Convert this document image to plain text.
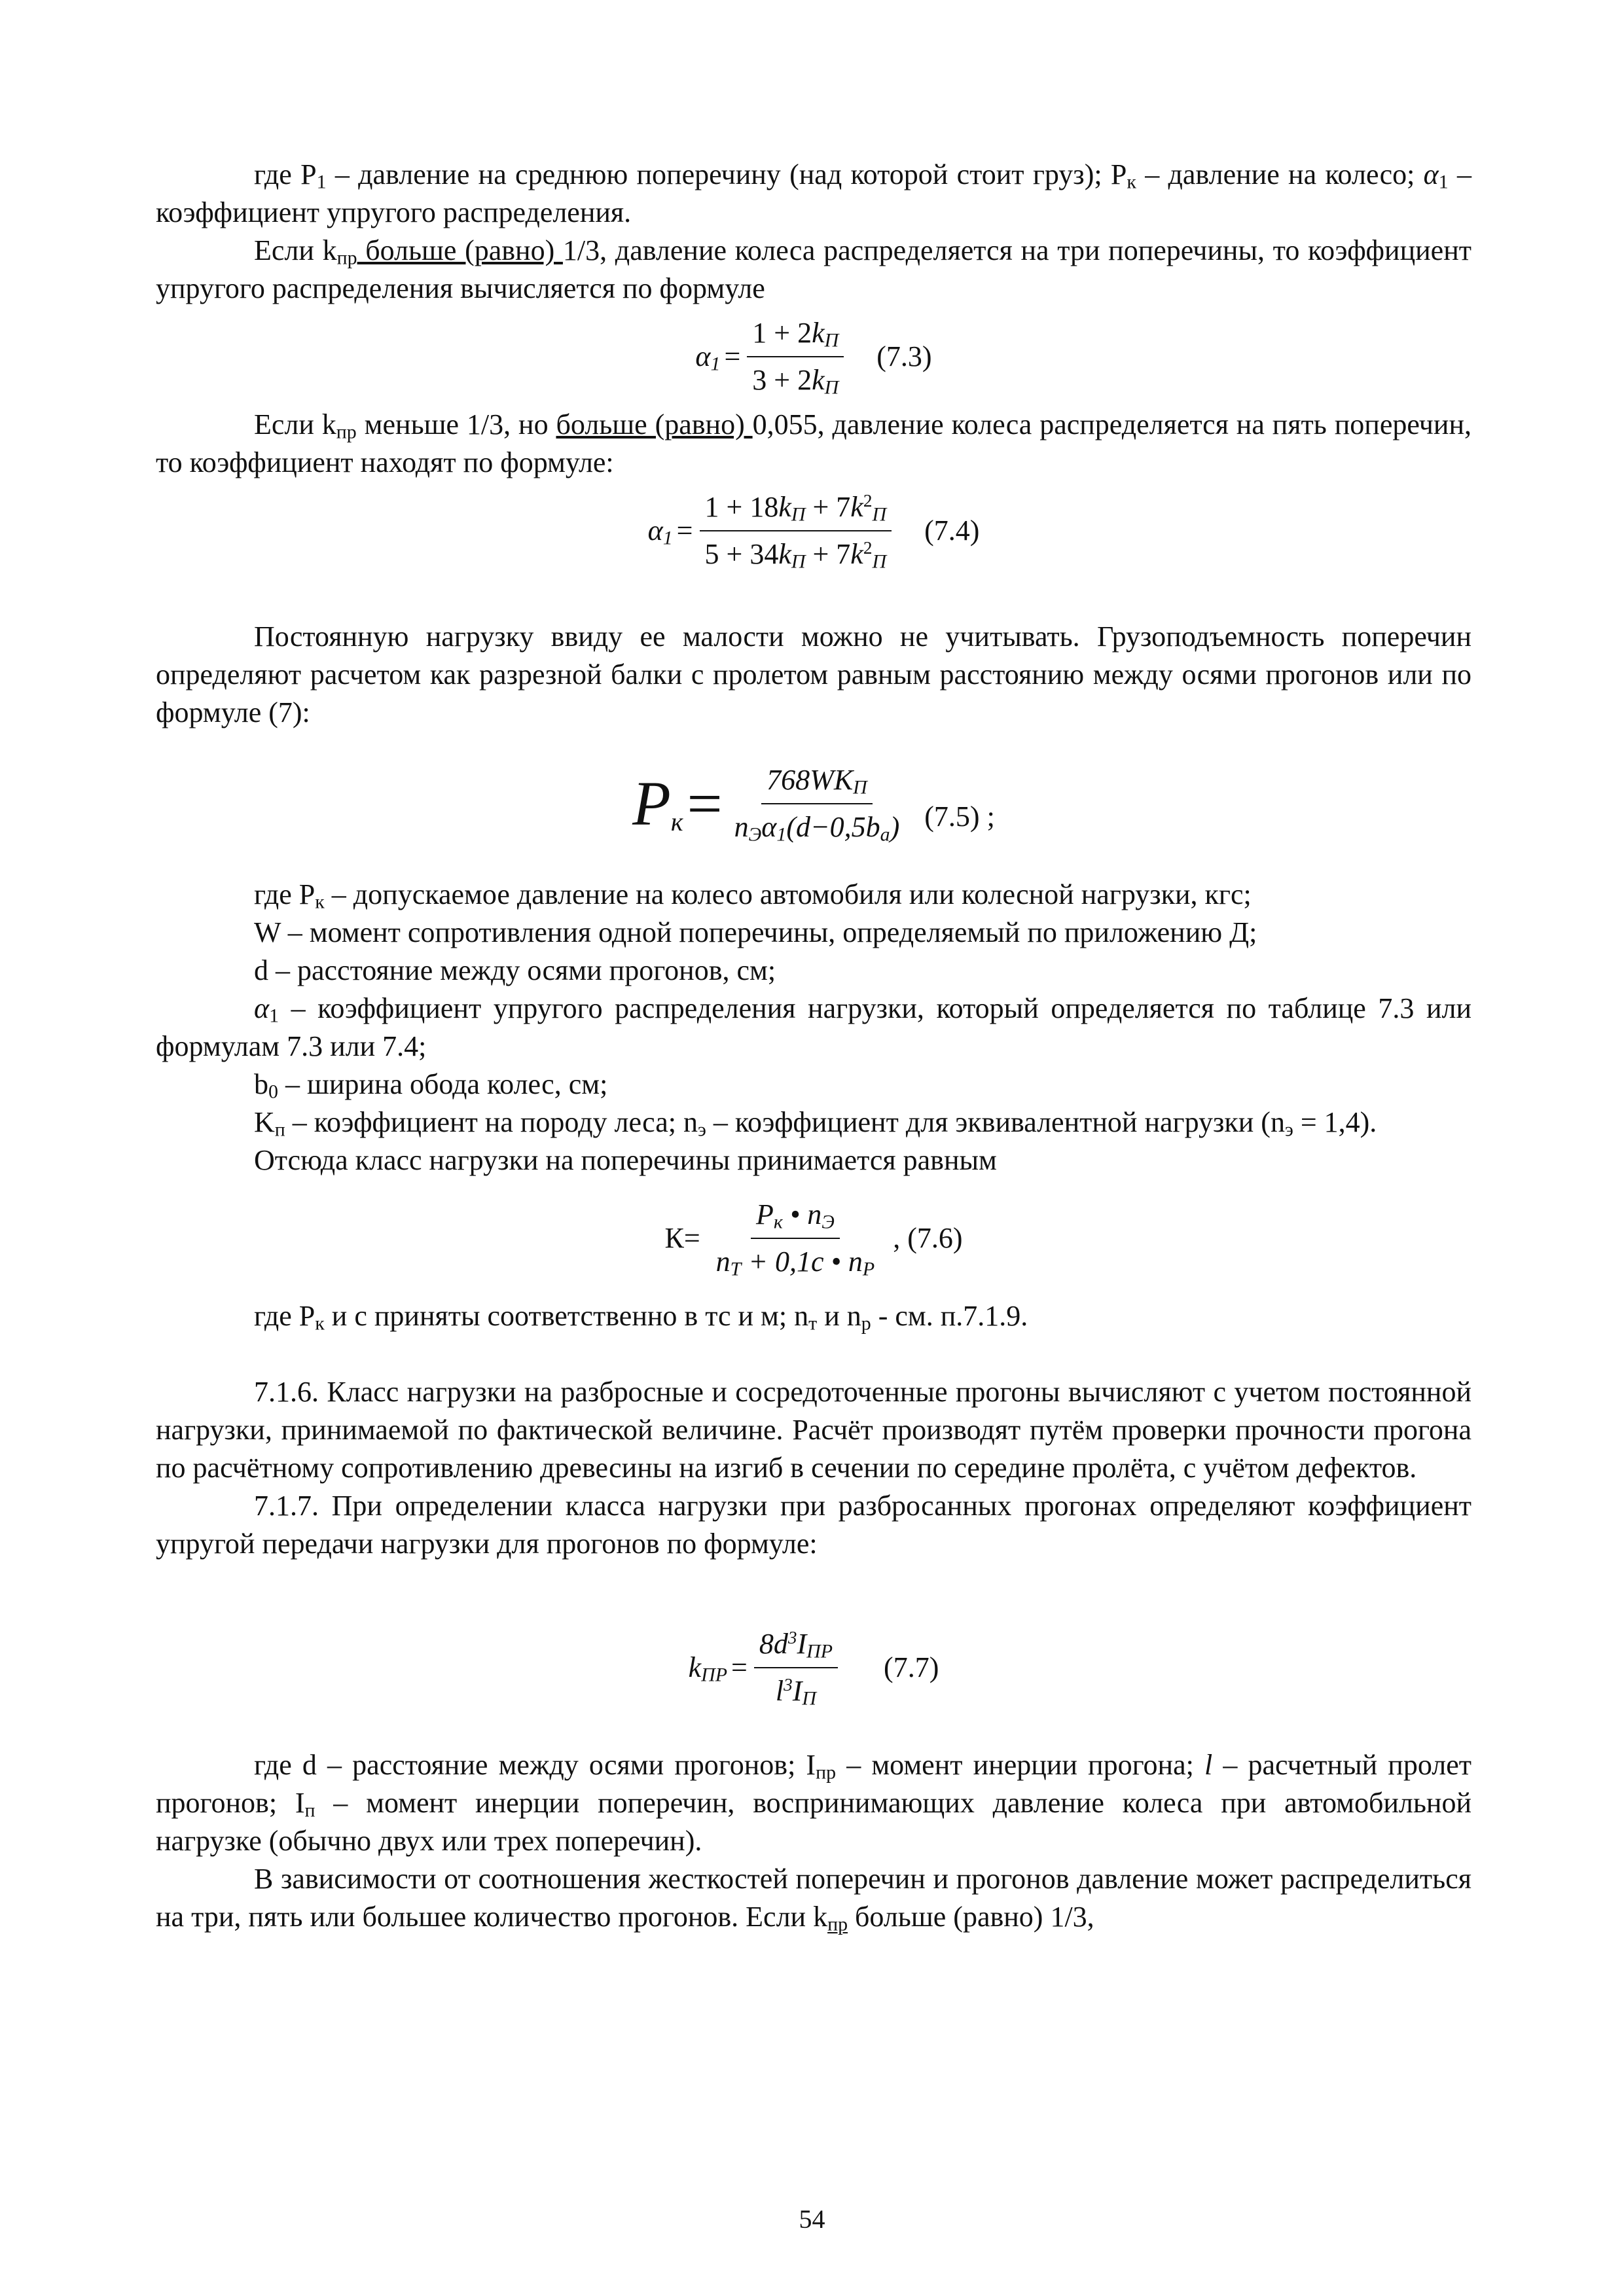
где $P_1$ – давление на среднюю поперечину (над которой стоит груз); $P_к$ – давление на колесо; $\alpha_1$ – коэффициент упругого распределения.

Если $k_{пр}$ больше (равно) 1/3, давление колеса распределяется на три поперечины, то коэффициент упругого распределения вычисляется по формуле

$\alpha_1 = \frac{1 + 2k_П}{3 + 2k_П} (7.3)$

Если $k_{пр}$ меньше 1/3, но больше (равно) 0,055, давление колеса распределяется на пять поперечин, то коэффициент находят по формуле:

$\alpha_1 = \frac{1 + 18k_П + 7k^2_П}{5 + 34k_П + 7k^2_П} (7.4)$

Постоянную нагрузку ввиду ее малости можно не учитывать. Грузоподъемность поперечин определяют расчетом как разрезной балки с пролетом равным расстоянию между осями прогонов или по формуле (7):

$P_к = \frac{768WK_П}{n_Э\alpha_1(d-0,5b_a)} (7.5)$ ;

где $P_к$ – допускаемое давление на колесо автомобиля или колесной нагрузки, кгс;

W – момент сопротивления одной поперечины, определяемый по приложению Д;

d – расстояние между осями прогонов, см;

$\alpha_1$ – коэффициент упругого распределения нагрузки, который определяется по таблице 7.3 или формулам 7.3 или 7.4;

$b_0$ – ширина обода колес, см;

$K_п$ – коэффициент на породу леса; $n_э$ – коэффициент для эквивалентной нагрузки $(n_э = 1,4)$.

Отсюда класс нагрузки на поперечины принимается равным

$К= \frac{P_к • n_Э}{n_T + 0,1c • n_P}$ , (7.6)

где $P_к$ и c приняты соответственно в тс и м; $n_т$ и $n_р$ - см. п.7.1.9.

7.1.6. Класс нагрузки на разбросные и сосредоточенные прогоны вычисляют с учетом постоянной нагрузки, принимаемой по фактической величине. Расчёт производят путём проверки прочности прогона по расчётному сопротивлению древесины на изгиб в сечении по середине пролёта, с учётом дефектов.

7.1.7. При определении класса нагрузки при разбросанных прогонах определяют коэффициент упругой передачи нагрузки для прогонов по формуле:

$k_{ПР} = \frac{8d^3I_{ПР}}{l^3I_П} (7.7)$

где d – расстояние между осями прогонов; $I_{пр}$ – момент инерции прогона; l – расчетный пролет прогонов; $I_п$ – момент инерции поперечин, воспринимающих давление колеса при автомобильной нагрузке (обычно двух или трех поперечин).

В зависимости от соотношения жесткостей поперечин и прогонов давление может распределиться на три, пять или большее количество прогонов. Если $k_{пр}$ больше (равно) 1/3,

54
